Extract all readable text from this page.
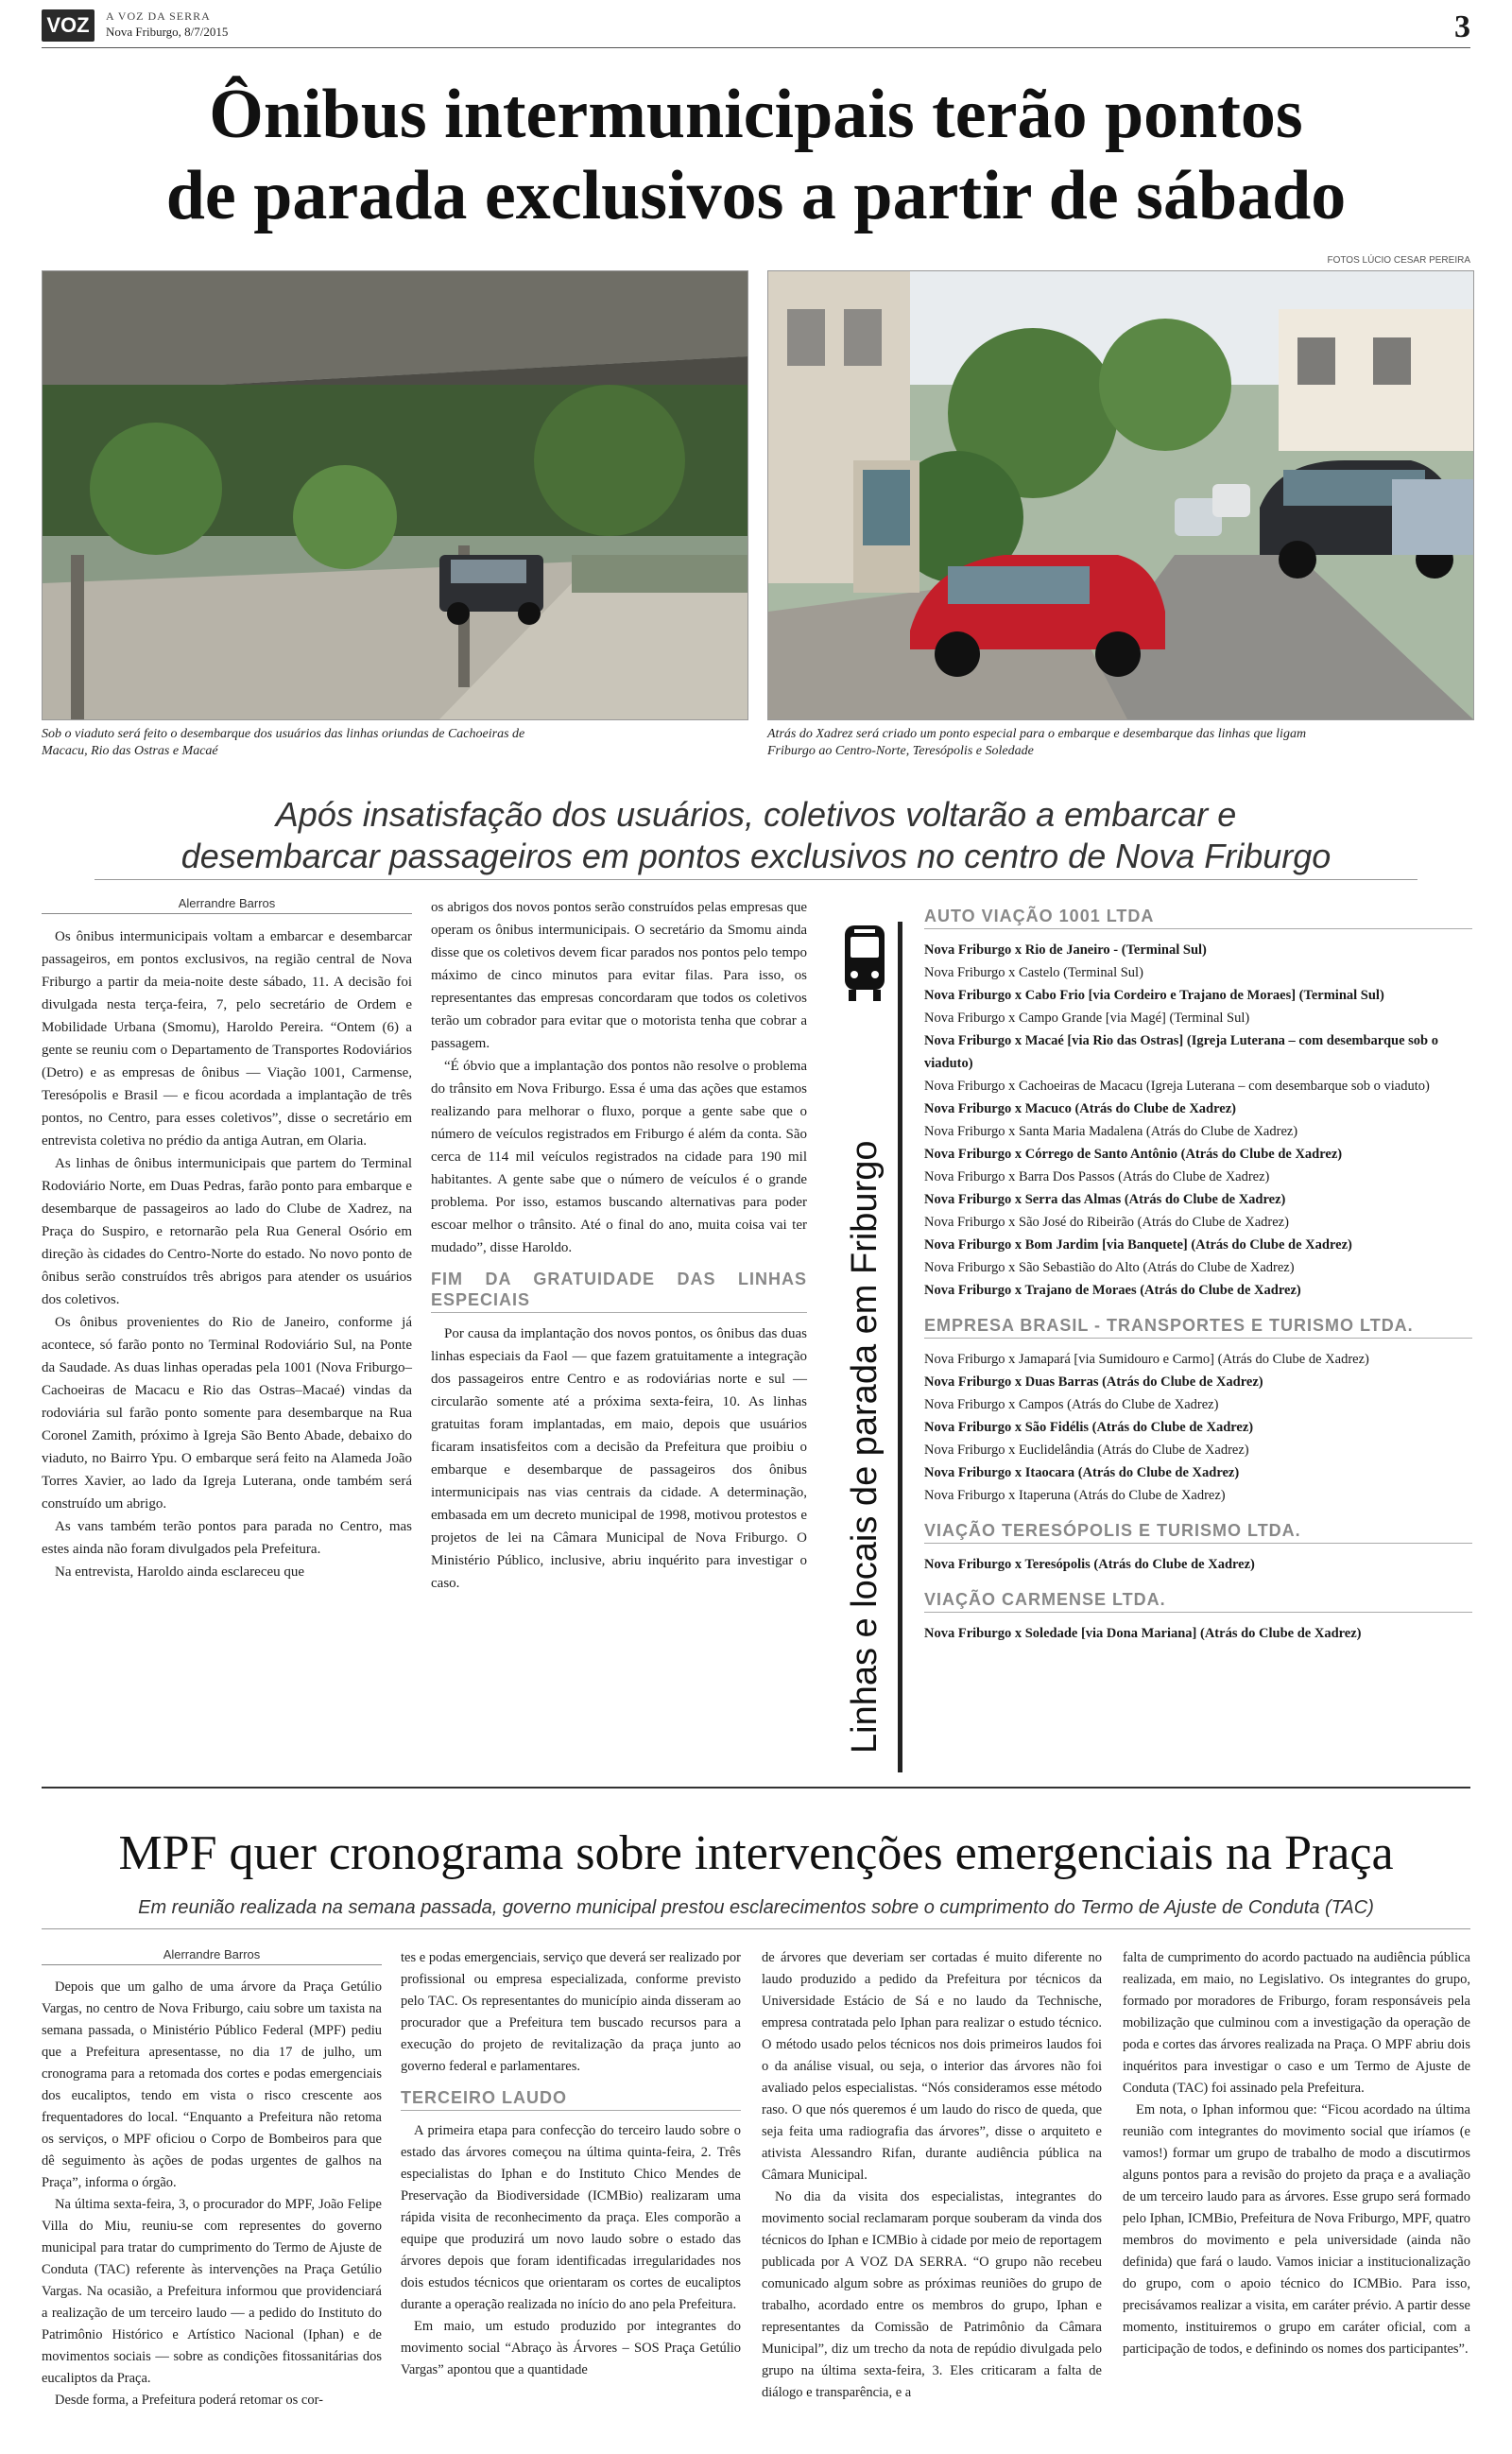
VOZ	A VOZ DA SERRA
Nova Friburgo, 8/7/2015	3
Ônibus intermunicipais terão pontos
de parada exclusivos a partir de sábado
FOTOS LÚCIO CESAR PEREIRA
Sob o viaduto será feito o desembarque dos usuários das linhas oriundas de Cachoeiras de Macacu, Rio das Ostras e Macaé
Atrás do Xadrez será criado um ponto especial para o embarque e desembarque das linhas que ligam Friburgo ao Centro-Norte, Teresópolis e Soledade
Após insatisfação dos usuários, coletivos voltarão a embarcar e
desembarcar passageiros em pontos exclusivos no centro de Nova Friburgo
Alerrandre Barros

Os ônibus intermunicipais voltam a embarcar e desembarcar passageiros, em pontos exclusivos, na região central de Nova Friburgo a partir da meia-noite deste sábado, 11. A decisão foi divulgada nesta terça-feira, 7, pelo secretário de Ordem e Mobilidade Urbana (Smomu), Haroldo Pereira. “Ontem (6) a gente se reuniu com o Departamento de Transportes Rodoviários (Detro) e as empresas de ônibus — Viação 1001, Carmense, Teresópolis e Brasil — e ficou acordada a implantação de três pontos, no Centro, para esses coletivos”, disse o secretário em entrevista coletiva no prédio da antiga Autran, em Olaria.

As linhas de ônibus intermunicipais que partem do Terminal Rodoviário Norte, em Duas Pedras, farão ponto para embarque e desembarque de passageiros ao lado do Clube de Xadrez, na Praça do Suspiro, e retornarão pela Rua General Osório em direção às cidades do Centro-Norte do estado. No novo ponto de ônibus serão construídos três abrigos para atender os usuários dos coletivos.

Os ônibus provenientes do Rio de Janeiro, conforme já acontece, só farão ponto no Terminal Rodoviário Sul, na Ponte da Saudade. As duas linhas operadas pela 1001 (Nova Friburgo–Cachoeiras de Macacu e Rio das Ostras–Macaé) vindas da rodoviária sul farão ponto somente para desembarque na Rua Coronel Zamith, próximo à Igreja São Bento Abade, debaixo do viaduto, no Bairro Ypu. O embarque será feito na Alameda João Torres Xavier, ao lado da Igreja Luterana, onde também será construído um abrigo.

As vans também terão pontos para parada no Centro, mas estes ainda não foram divulgados pela Prefeitura.

Na entrevista, Haroldo ainda esclareceu que

os abrigos dos novos pontos serão construídos pelas empresas que operam os ônibus intermunicipais. O secretário da Smomu ainda disse que os coletivos devem ficar parados nos pontos pelo tempo máximo de cinco minutos para evitar filas. Para isso, os representantes das empresas concordaram que todos os coletivos terão um cobrador para evitar que o motorista tenha que cobrar a passagem.

“É óbvio que a implantação dos pontos não resolve o problema do trânsito em Nova Friburgo. Essa é uma das ações que estamos realizando para melhorar o fluxo, porque a gente sabe que o número de veículos registrados em Friburgo é além da conta. São cerca de 114 mil veículos registrados na cidade para 190 mil habitantes. A gente sabe que o número de veículos é o grande problema. Por isso, estamos buscando alternativas para poder escoar melhor o trânsito. Até o final do ano, muita coisa vai ter mudado”, disse Haroldo.

FIM DA GRATUIDADE DAS LINHAS ESPECIAIS

Por causa da implantação dos novos pontos, os ônibus das duas linhas especiais da Faol — que fazem gratuitamente a integração dos passageiros entre Centro e as rodoviárias norte e sul — circularão somente até a próxima sexta-feira, 10. As linhas gratuitas foram implantadas, em maio, depois que usuários ficaram insatisfeitos com a decisão da Prefeitura que proibiu o embarque e desembarque de passageiros dos ônibus intermunicipais nas vias centrais da cidade. A determinação, embasada em um decreto municipal de 1998, motivou protestos e projetos de lei na Câmara Municipal de Nova Friburgo. O Ministério Público, inclusive, abriu inquérito para investigar o caso.	Linhas e locais de parada em Friburgo
AUTO VIAÇÃO 1001 LTDA
Nova Friburgo x Rio de Janeiro - (Terminal Sul)
Nova Friburgo x Castelo (Terminal Sul)
Nova Friburgo x Cabo Frio [via Cordeiro e Trajano de Moraes] (Terminal Sul)
Nova Friburgo x Campo Grande [via Magé] (Terminal Sul)
Nova Friburgo x Macaé [via Rio das Ostras] (Igreja Luterana – com desembarque sob o viaduto)
Nova Friburgo x Cachoeiras de Macacu (Igreja Luterana – com desembarque sob o viaduto)
Nova Friburgo x Macuco (Atrás do Clube de Xadrez)
Nova Friburgo x Santa Maria Madalena (Atrás do Clube de Xadrez)
Nova Friburgo x Córrego de Santo Antônio (Atrás do Clube de Xadrez)
Nova Friburgo x Barra Dos Passos (Atrás do Clube de Xadrez)
Nova Friburgo x Serra das Almas (Atrás do Clube de Xadrez)
Nova Friburgo x São José do Ribeirão (Atrás do Clube de Xadrez)
Nova Friburgo x Bom Jardim [via Banquete] (Atrás do Clube de Xadrez)
Nova Friburgo x São Sebastião do Alto (Atrás do Clube de Xadrez)
Nova Friburgo x Trajano de Moraes (Atrás do Clube de Xadrez)
EMPRESA BRASIL - TRANSPORTES E TURISMO LTDA.
Nova Friburgo x Jamapará [via Sumidouro e Carmo] (Atrás do Clube de Xadrez)
Nova Friburgo x Duas Barras (Atrás do Clube de Xadrez)
Nova Friburgo x Campos (Atrás do Clube de Xadrez)
Nova Friburgo x São Fidélis (Atrás do Clube de Xadrez)
Nova Friburgo x Euclidelândia (Atrás do Clube de Xadrez)
Nova Friburgo x Itaocara (Atrás do Clube de Xadrez)
Nova Friburgo x Itaperuna (Atrás do Clube de Xadrez)
VIAÇÃO TERESÓPOLIS E TURISMO LTDA.
Nova Friburgo x Teresópolis (Atrás do Clube de Xadrez)
VIAÇÃO CARMENSE LTDA.
Nova Friburgo x Soledade [via Dona Mariana] (Atrás do Clube de Xadrez)
MPF quer cronograma sobre intervenções emergenciais na Praça
Em reunião realizada na semana passada, governo municipal prestou esclarecimentos sobre o cumprimento do Termo de Ajuste de Conduta (TAC)
Alerrandre Barros

Depois que um galho de uma árvore da Praça Getúlio Vargas, no centro de Nova Friburgo, caiu sobre um taxista na semana passada, o Ministério Público Federal (MPF) pediu que a Prefeitura apresentasse, no dia 17 de julho, um cronograma para a retomada dos cortes e podas emergenciais dos eucaliptos, tendo em vista o risco crescente aos frequentadores do local. “Enquanto a Prefeitura não retoma os serviços, o MPF oficiou o Corpo de Bombeiros para que dê seguimento às ações de podas urgentes de galhos na Praça”, informa o órgão.

Na última sexta-feira, 3, o procurador do MPF, João Felipe Villa do Miu, reuniu-se com representes do governo municipal para tratar do cumprimento do Termo de Ajuste de Conduta (TAC) referente às intervenções na Praça Getúlio Vargas. Na ocasião, a Prefeitura informou que providenciará a realização de um terceiro laudo — a pedido do Instituto do Patrimônio Histórico e Artístico Nacional (Iphan) e de movimentos sociais — sobre as condições fitossanitárias dos eucaliptos da Praça.

Desde forma, a Prefeitura poderá retomar os cor-

tes e podas emergenciais, serviço que deverá ser realizado por profissional ou empresa especializada, conforme previsto pelo TAC. Os representantes do município ainda disseram ao procurador que a Prefeitura tem buscado recursos para a execução do projeto de revitalização da praça junto ao governo federal e parlamentares.

TERCEIRO LAUDO

A primeira etapa para confecção do terceiro laudo sobre o estado das árvores começou na última quinta-feira, 2. Três especialistas do Iphan e do Instituto Chico Mendes de Preservação da Biodiversidade (ICMBio) realizaram uma rápida visita de reconhecimento da praça. Eles comporão a equipe que produzirá um novo laudo sobre o estado das árvores depois que foram identificadas irregularidades nos dois estudos técnicos que orientaram os cortes de eucaliptos durante a operação realizada no início do ano pela Prefeitura.

Em maio, um estudo produzido por integrantes do movimento social “Abraço às Árvores – SOS Praça Getúlio Vargas” apontou que a quantidade

de árvores que deveriam ser cortadas é muito diferente no laudo produzido a pedido da Prefeitura por técnicos da Universidade Estácio de Sá e no laudo da Technische, empresa contratada pelo Iphan para realizar o estudo técnico. O método usado pelos técnicos nos dois primeiros laudos foi o da análise visual, ou seja, o interior das árvores não foi avaliado pelos especialistas. “Nós consideramos esse método raso. O que nós queremos é um laudo do risco de queda, que seja feita uma radiografia das árvores”, disse o arquiteto e ativista Alessandro Rifan, durante audiência pública na Câmara Municipal.

No dia da visita dos especialistas, integrantes do movimento social reclamaram porque souberam da vinda dos técnicos do Iphan e ICMBio à cidade por meio de reportagem publicada por A VOZ DA SERRA. “O grupo não recebeu comunicado algum sobre as próximas reuniões do grupo de trabalho, acordado entre os membros do grupo, Iphan e representantes da Comissão de Patrimônio da Câmara Municipal”, diz um trecho da nota de repúdio divulgada pelo grupo na última sexta-feira, 3. Eles criticaram a falta de diálogo e transparência, e a

falta de cumprimento do acordo pactuado na audiência pública realizada, em maio, no Legislativo. Os integrantes do grupo, formado por moradores de Friburgo, foram responsáveis pela mobilização que culminou com a investigação da operação de poda e cortes das árvores realizada na Praça. O MPF abriu dois inquéritos para investigar o caso e um Termo de Ajuste de Conduta (TAC) foi assinado pela Prefeitura.

Em nota, o Iphan informou que: “Ficou acordado na última reunião com integrantes do movimento social que iríamos (e vamos!) formar um grupo de trabalho de modo a discutirmos alguns pontos para a revisão do projeto da praça e a avaliação de um terceiro laudo para as árvores. Esse grupo será formado pelo Iphan, ICMBio, Prefeitura de Nova Friburgo, MPF, quatro membros do movimento e pela universidade (ainda não definida) que fará o laudo. Vamos iniciar a institucionalização do grupo, com o apoio técnico do ICMBio. Para isso, precisávamos realizar a visita, em caráter prévio. A partir desse momento, instituiremos o grupo em caráter oficial, com a participação de todos, e definindo os nomes dos participantes”.
